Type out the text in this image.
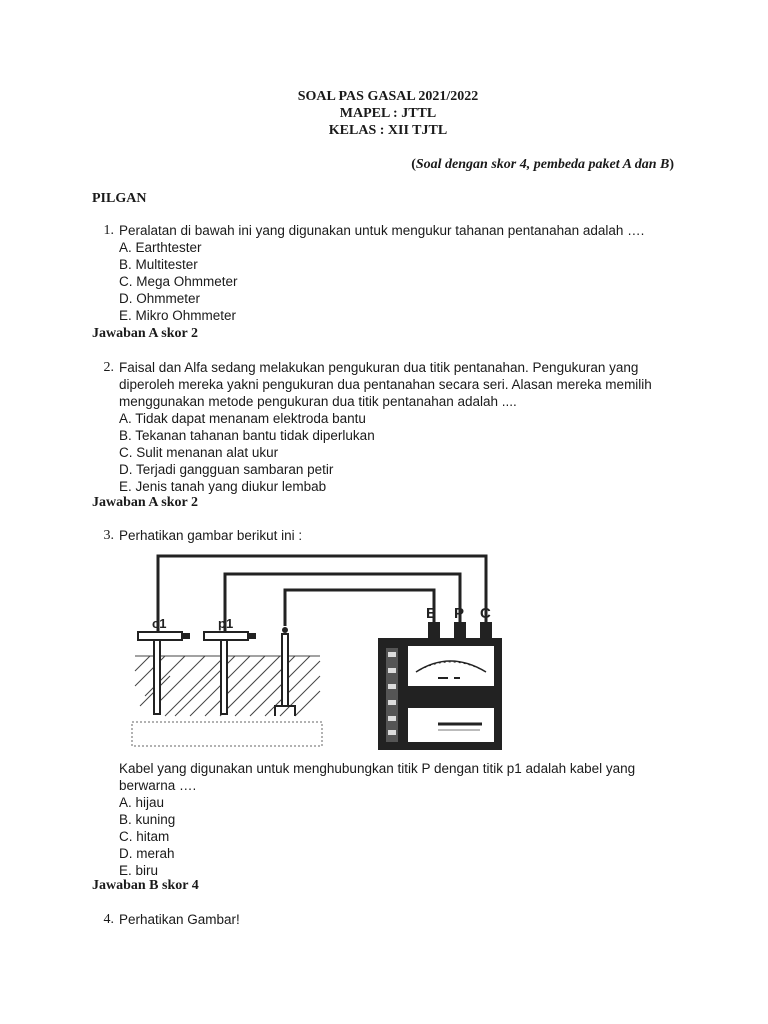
SOAL PAS GASAL 2021/2022
MAPEL : JTTL
KELAS : XII TJTL
(Soal dengan skor 4, pembeda paket A dan B)
PILGAN
1. Peralatan di bawah ini yang digunakan untuk mengukur tahanan pentanahan adalah ….
A. Earthtester
B. Multitester
C. Mega Ohmmeter
D. Ohmmeter
E. Mikro Ohmmeter
Jawaban A skor 2
2. Faisal dan Alfa sedang melakukan pengukuran dua titik pentanahan. Pengukuran yang
diperoleh mereka yakni pengukuran dua pentanahan secara seri. Alasan mereka memilih
menggunakan metode pengukuran dua titik pentanahan adalah ....
A. Tidak dapat menanam elektroda bantu
B. Tekanan tahanan bantu tidak diperlukan
C. Sulit menanan alat ukur
D. Terjadi gangguan sambaran petir
E. Jenis tanah yang diukur lembab
Jawaban A skor 2
3. Perhatikan gambar berikut ini :
c1	p1
E P C
Kabel yang digunakan untuk menghubungkan titik P dengan titik p1 adalah kabel yang
berwarna ….
A. hijau
B. kuning
C. hitam
D. merah
E. biru
Jawaban B skor 4
4. Perhatikan Gambar!
